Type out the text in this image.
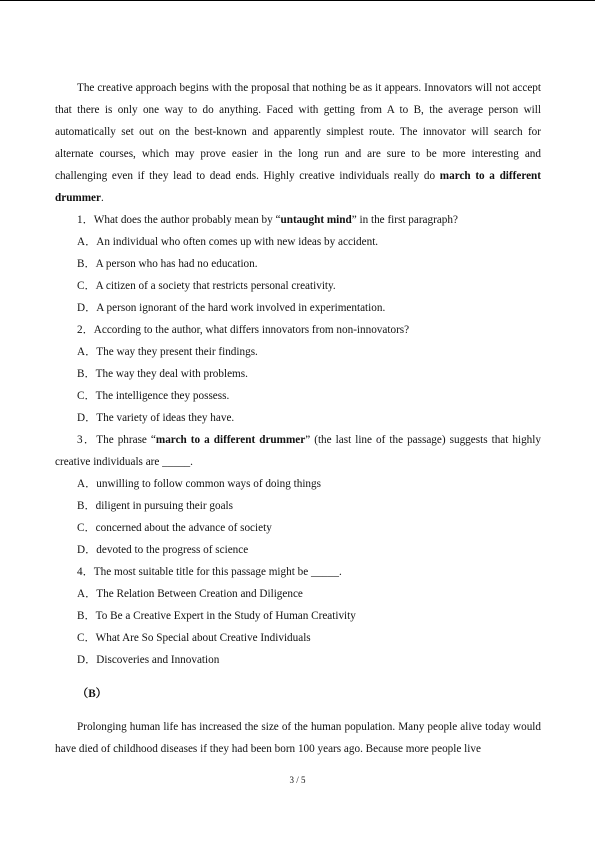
The creative approach begins with the proposal that nothing be as it appears. Innovators will not accept that there is only one way to do anything. Faced with getting from A to B, the average person will automatically set out on the best-known and apparently simplest route. The innovator will search for alternate courses, which may prove easier in the long run and are sure to be more interesting and challenging even if they lead to dead ends. Highly creative individuals really do march to a different drummer.

1．What does the author probably mean by “untaught mind” in the first paragraph?

A．An individual who often comes up with new ideas by accident.

B．A person who has had no education.

C．A citizen of a society that restricts personal creativity.

D．A person ignorant of the hard work involved in experimentation.

2．According to the author, what differs innovators from non-innovators?

A．The way they present their findings.

B．The way they deal with problems.

C．The intelligence they possess.

D．The variety of ideas they have.

3．The phrase “march to a different drummer” (the last line of the passage) suggests that highly creative individuals are _____.

A．unwilling to follow common ways of doing things

B．diligent in pursuing their goals

C．concerned about the advance of society

D．devoted to the progress of science

4．The most suitable title for this passage might be _____.

A．The Relation Between Creation and Diligence

B．To Be a Creative Expert in the Study of Human Creativity

C．What Are So Special about Creative Individuals

D．Discoveries and Innovation

（B）

Prolonging human life has increased the size of the human population. Many people alive today would have died of childhood diseases if they had been born 100 years ago. Because more people live

3 / 5
